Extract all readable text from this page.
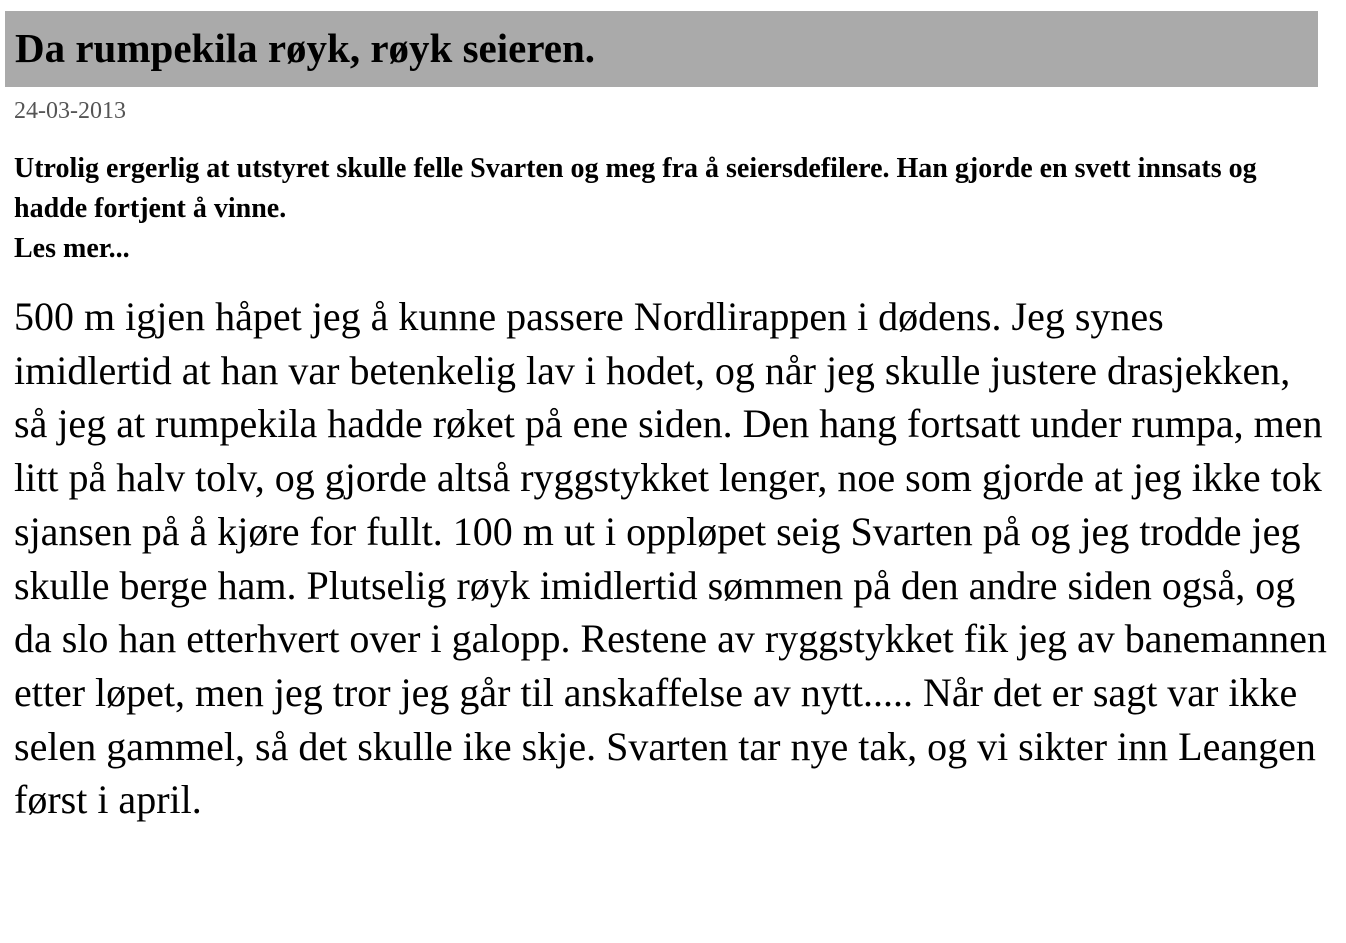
Da rumpekila røyk, røyk seieren.
24-03-2013
Utrolig ergerlig at utstyret skulle felle Svarten og meg fra å seiersdefilere. Han gjorde en svett innsats og hadde fortjent å vinne.
Les mer...

500 m igjen håpet jeg å kunne passere Nordlirappen i dødens. Jeg synes imidlertid at han var betenkelig lav i hodet, og når jeg skulle justere drasjekken, så jeg at rumpekila hadde røket på ene siden. Den hang fortsatt under rumpa, men litt på halv tolv, og gjorde altså ryggstykket lenger, noe som gjorde at jeg ikke tok sjansen på å kjøre for fullt. 100 m ut i oppløpet seig Svarten på og jeg trodde jeg skulle berge ham. Plutselig røyk imidlertid sømmen på den andre siden også, og da slo han etterhvert over i galopp. Restene av ryggstykket fik jeg av banemannen etter løpet, men jeg tror jeg går til anskaffelse av nytt..... Når det er sagt var ikke selen gammel, så det skulle ike skje. Svarten tar nye tak, og vi sikter inn Leangen først i april.
